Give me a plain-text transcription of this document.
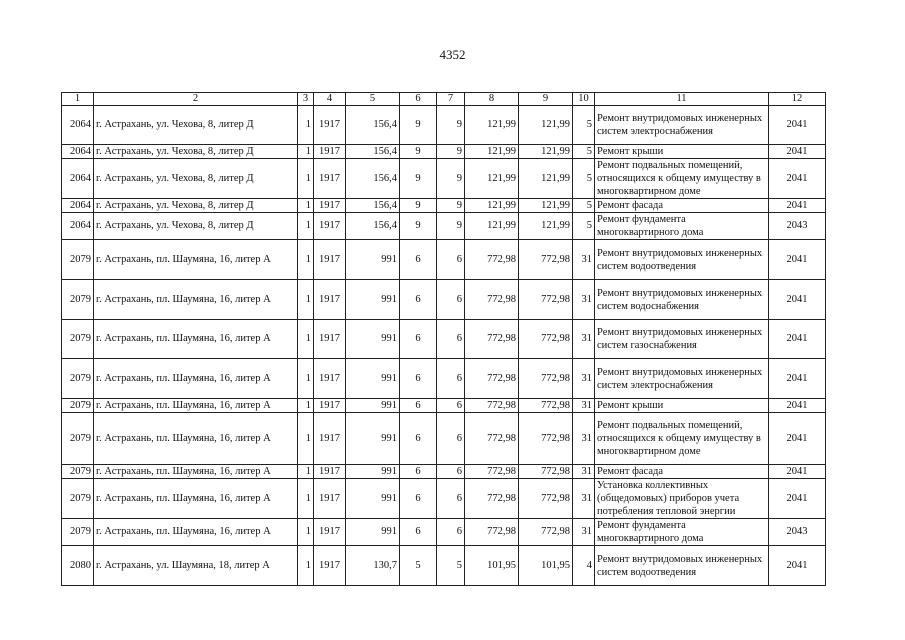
4352
1	2	3	4	5	6	7	8	9	10	11	12
2064	г. Астрахань, ул. Чехова, 8, литер Д	1	1917	156,4	9	9	121,99	121,99	5	Ремонт внутридомовых инженерных систем электроснабжения	2041
2064	г. Астрахань, ул. Чехова, 8, литер Д	1	1917	156,4	9	9	121,99	121,99	5	Ремонт крыши	2041
2064	г. Астрахань, ул. Чехова, 8, литер Д	1	1917	156,4	9	9	121,99	121,99	5	Ремонт подвальных помещений, относящихся к общему имуществу в многоквартирном доме	2041
2064	г. Астрахань, ул. Чехова, 8, литер Д	1	1917	156,4	9	9	121,99	121,99	5	Ремонт фасада	2041
2064	г. Астрахань, ул. Чехова, 8, литер Д	1	1917	156,4	9	9	121,99	121,99	5	Ремонт фундамента многоквартирного дома	2043
2079	г. Астрахань, пл. Шаумяна, 16, литер А	1	1917	991	6	6	772,98	772,98	31	Ремонт внутридомовых инженерных систем водоотведения	2041
2079	г. Астрахань, пл. Шаумяна, 16, литер А	1	1917	991	6	6	772,98	772,98	31	Ремонт внутридомовых инженерных систем водоснабжения	2041
2079	г. Астрахань, пл. Шаумяна, 16, литер А	1	1917	991	6	6	772,98	772,98	31	Ремонт внутридомовых инженерных систем газоснабжения	2041
2079	г. Астрахань, пл. Шаумяна, 16, литер А	1	1917	991	6	6	772,98	772,98	31	Ремонт внутридомовых инженерных систем электроснабжения	2041
2079	г. Астрахань, пл. Шаумяна, 16, литер А	1	1917	991	6	6	772,98	772,98	31	Ремонт крыши	2041
2079	г. Астрахань, пл. Шаумяна, 16, литер А	1	1917	991	6	6	772,98	772,98	31	Ремонт подвальных помещений, относящихся к общему имуществу в многоквартирном доме	2041
2079	г. Астрахань, пл. Шаумяна, 16, литер А	1	1917	991	6	6	772,98	772,98	31	Ремонт фасада	2041
2079	г. Астрахань, пл. Шаумяна, 16, литер А	1	1917	991	6	6	772,98	772,98	31	Установка коллективных (общедомовых) приборов учета потребления тепловой энергии	2041
2079	г. Астрахань, пл. Шаумяна, 16, литер А	1	1917	991	6	6	772,98	772,98	31	Ремонт фундамента многоквартирного дома	2043
2080	г. Астрахань, ул. Шаумяна, 18, литер А	1	1917	130,7	5	5	101,95	101,95	4	Ремонт внутридомовых инженерных систем водоотведения	2041
